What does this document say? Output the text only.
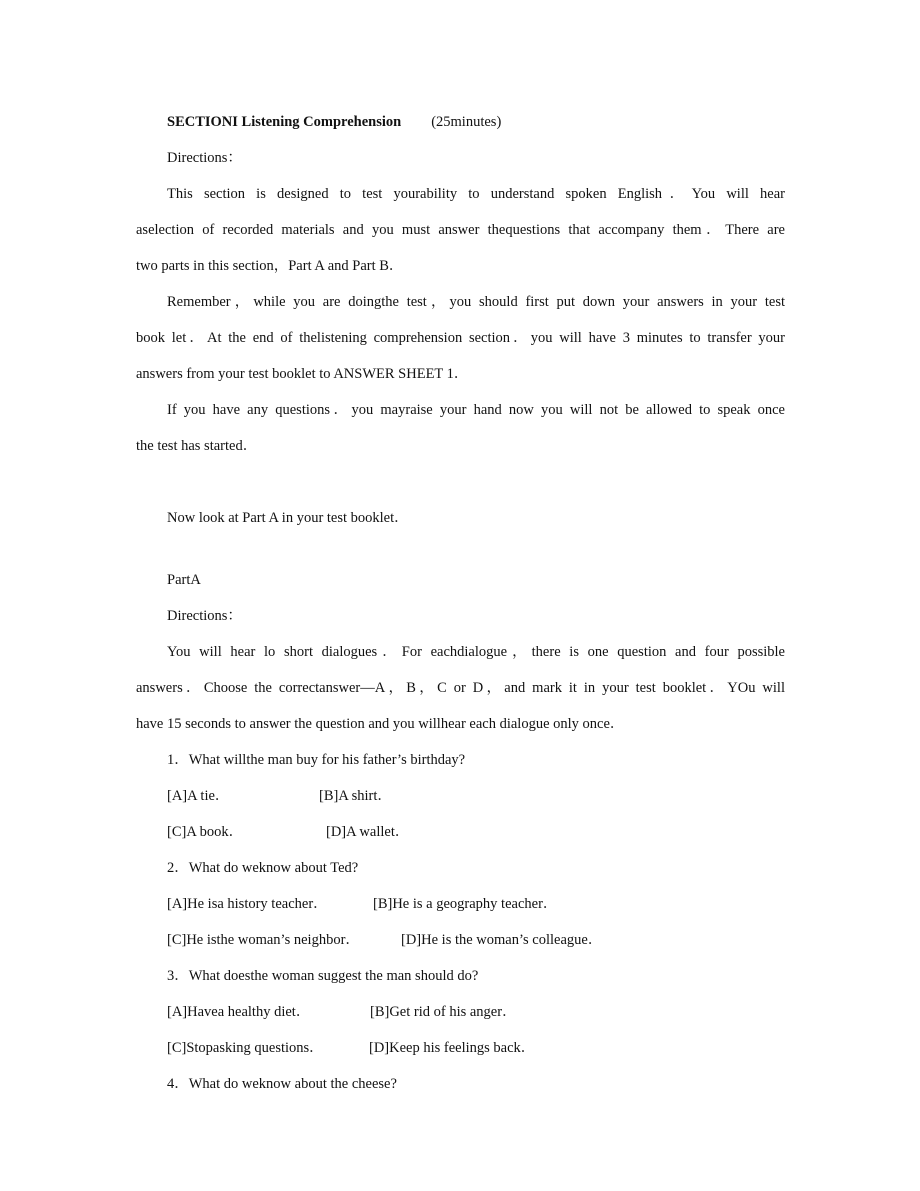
SECTIONI Listening Comprehension (25minutes)
Directions：
This section is designed to test yourability to understand spoken English．You will hear
aselection of recorded materials and you must answer thequestions that accompany them．There are
two parts in this section，Part A and Part B．
Remember，while you are doingthe test，you should first put down your answers in your test
book let．At the end of thelistening comprehension section．you will have 3 minutes to transfer your
answers from your test booklet to ANSWER SHEET 1．
If you have any questions．you mayraise your hand now you will not be allowed to speak once
the test has started．
Now look at Part A in your test booklet．
PartA
Directions：
You will hear lo short dialogues．For eachdialogue，there is one question and four possible
answers．Choose the correctanswer—A，B，C or D，and mark it in your test booklet．YOu will
have 15 seconds to answer the question and you willhear each dialogue only once．
1．What willthe man buy for his father’s birthday?
[A]A tie．	[B]A shirt．
[C]A book．	[D]A wallet．
2．What do weknow about Ted?
[A]He isa history teacher．	[B]He is a geography teacher．
[C]He isthe woman’s neighbor．	[D]He is the woman’s colleague．
3．What doesthe woman suggest the man should do?
[A]Havea healthy diet．	[B]Get rid of his anger．
[C]Stopasking questions．	[D]Keep his feelings back．
4．What do weknow about the cheese?
